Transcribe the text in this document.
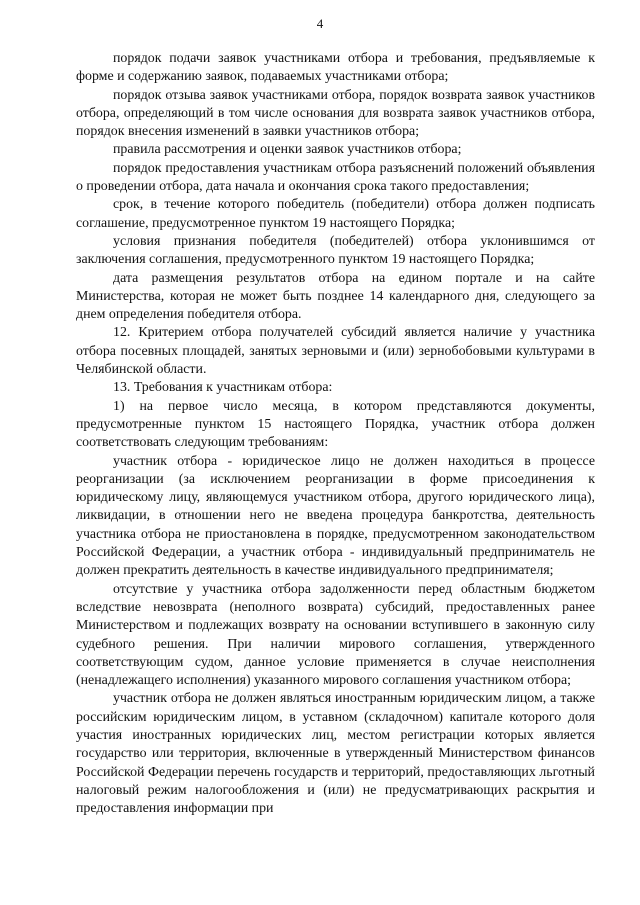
4

порядок подачи заявок участниками отбора и требования, предъявляемые к форме и содержанию заявок, подаваемых участниками отбора;

порядок отзыва заявок участниками отбора, порядок возврата заявок участников отбора, определяющий в том числе основания для возврата заявок участников отбора, порядок внесения изменений в заявки участников отбора;

правила рассмотрения и оценки заявок участников отбора;

порядок предоставления участникам отбора разъяснений положений объявления о проведении отбора, дата начала и окончания срока такого предоставления;

срок, в течение которого победитель (победители) отбора должен подписать соглашение, предусмотренное пунктом 19 настоящего Порядка;

условия признания победителя (победителей) отбора уклонившимся от заключения соглашения, предусмотренного пунктом 19 настоящего Порядка;

дата размещения результатов отбора на едином портале и на сайте Министерства, которая не может быть позднее 14 календарного дня, следующего за днем определения победителя отбора.

12. Критерием отбора получателей субсидий является наличие у участника отбора посевных площадей, занятых зерновыми и (или) зернобобовыми культурами в Челябинской области.

13. Требования к участникам отбора:

1) на первое число месяца, в котором представляются документы, предусмотренные пунктом 15 настоящего Порядка, участник отбора должен соответствовать следующим требованиям:

участник отбора - юридическое лицо не должен находиться в процессе реорганизации (за исключением реорганизации в форме присоединения к юридическому лицу, являющемуся участником отбора, другого юридического лица), ликвидации, в отношении него не введена процедура банкротства, деятельность участника отбора не приостановлена в порядке, предусмотренном законодательством Российской Федерации, а участник отбора - индивидуальный предприниматель не должен прекратить деятельность в качестве индивидуального предпринимателя;

отсутствие у участника отбора задолженности перед областным бюджетом вследствие невозврата (неполного возврата) субсидий, предоставленных ранее Министерством и подлежащих возврату на основании вступившего в законную силу судебного решения. При наличии мирового соглашения, утвержденного соответствующим судом, данное условие применяется в случае неисполнения (ненадлежащего исполнения) указанного мирового соглашения участником отбора;

участник отбора не должен являться иностранным юридическим лицом, а также российским юридическим лицом, в уставном (складочном) капитале которого доля участия иностранных юридических лиц, местом регистрации которых является государство или территория, включенные в утвержденный Министерством финансов Российской Федерации перечень государств и территорий, предоставляющих льготный налоговый режим налогообложения и (или) не предусматривающих раскрытия и предоставления информации при
